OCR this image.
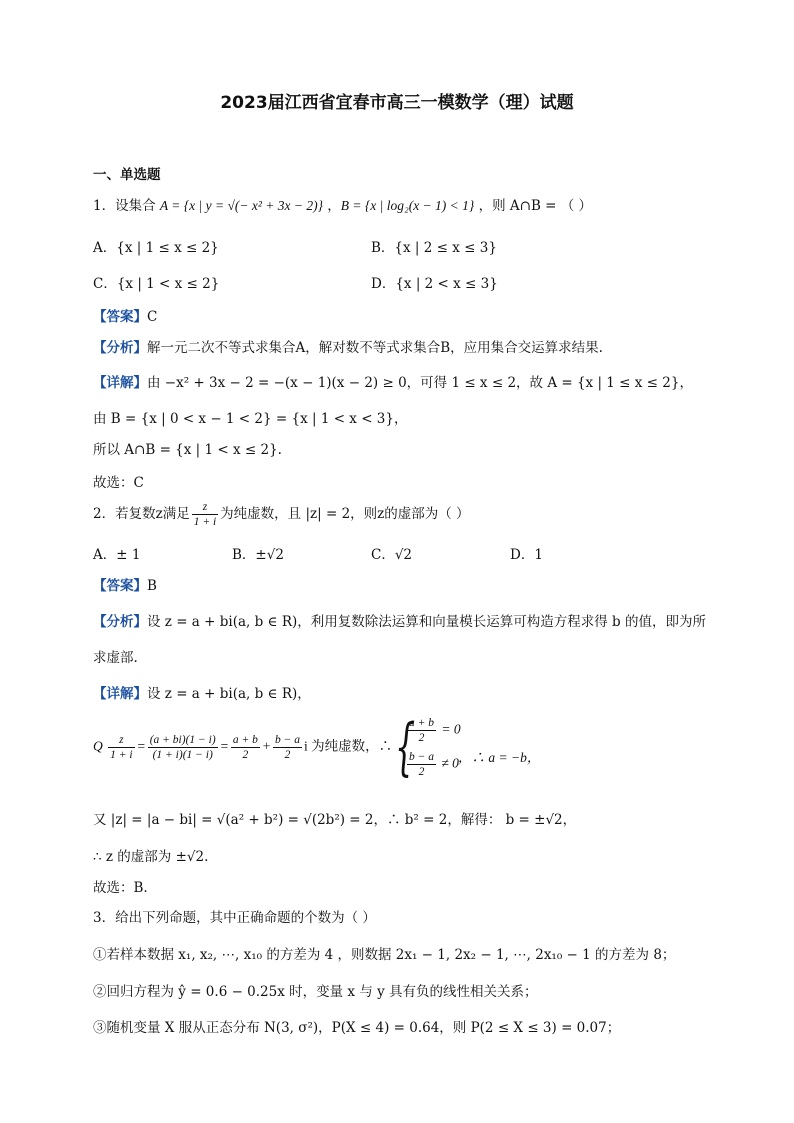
2023届江西省宜春市高三一模数学（理）试题
一、单选题
1．设集合 A = {x | y = √(− x² + 3x − 2)} ，B = {x | log₂(x − 1) < 1} ，则 A∩B = （ ）
A．{x | 1 ≤ x ≤ 2}	B．{x | 2 ≤ x ≤ 3}
C．{x | 1 < x ≤ 2}	D．{x | 2 < x ≤ 3}
【答案】C
【分析】解一元二次不等式求集合A，解对数不等式求集合B，应用集合交运算求结果.
【详解】由 −x² + 3x − 2 = −(x − 1)(x − 2) ≥ 0，可得 1 ≤ x ≤ 2，故 A = {x | 1 ≤ x ≤ 2}，
由 B = {x | 0 < x − 1 < 2} = {x | 1 < x < 3}，
所以 A∩B = {x | 1 < x ≤ 2}.
故选：C
2．若复数z满足 $\frac{z}{1 + i}$ 为纯虚数，且 |z| = 2，则z的虚部为（ ）
A．± 1	B．±√2	C．√2	D．1
【答案】B
【分析】设 z = a + bi(a, b ∈ R)，利用复数除法运算和向量模长运算可构造方程求得 b 的值，即为所
求虚部.
【详解】设 z = a + bi(a, b ∈ R)，
Q $\frac{z}{1 + i} = \frac{(a + bi)(1 - i)}{(1 + i)(1 - i)} = \frac{a + b}{2} + \frac{b - a}{2}$ i 为纯虚数，∴ {
$\frac{a + b}{2} = 0$
$\frac{b - a}{2} \ne 0$ ，∴ a = −b，
又 |z| = |a − bi| = √(a² + b²) = √(2b²) = 2，∴ b² = 2，解得： b = ±√2，
∴ z 的虚部为 ±√2.
故选：B.
3．给出下列命题，其中正确命题的个数为（ ）
①若样本数据 x₁, x₂, ⋯, x₁₀ 的方差为 4 ，则数据 2x₁ − 1, 2x₂ − 1, ⋯, 2x₁₀ − 1 的方差为 8；
②回归方程为 ŷ = 0.6 − 0.25x 时，变量 x 与 y 具有负的线性相关关系；
③随机变量 X 服从正态分布 N(3, σ²)，P(X ≤ 4) = 0.64，则 P(2 ≤ X ≤ 3) = 0.07；
